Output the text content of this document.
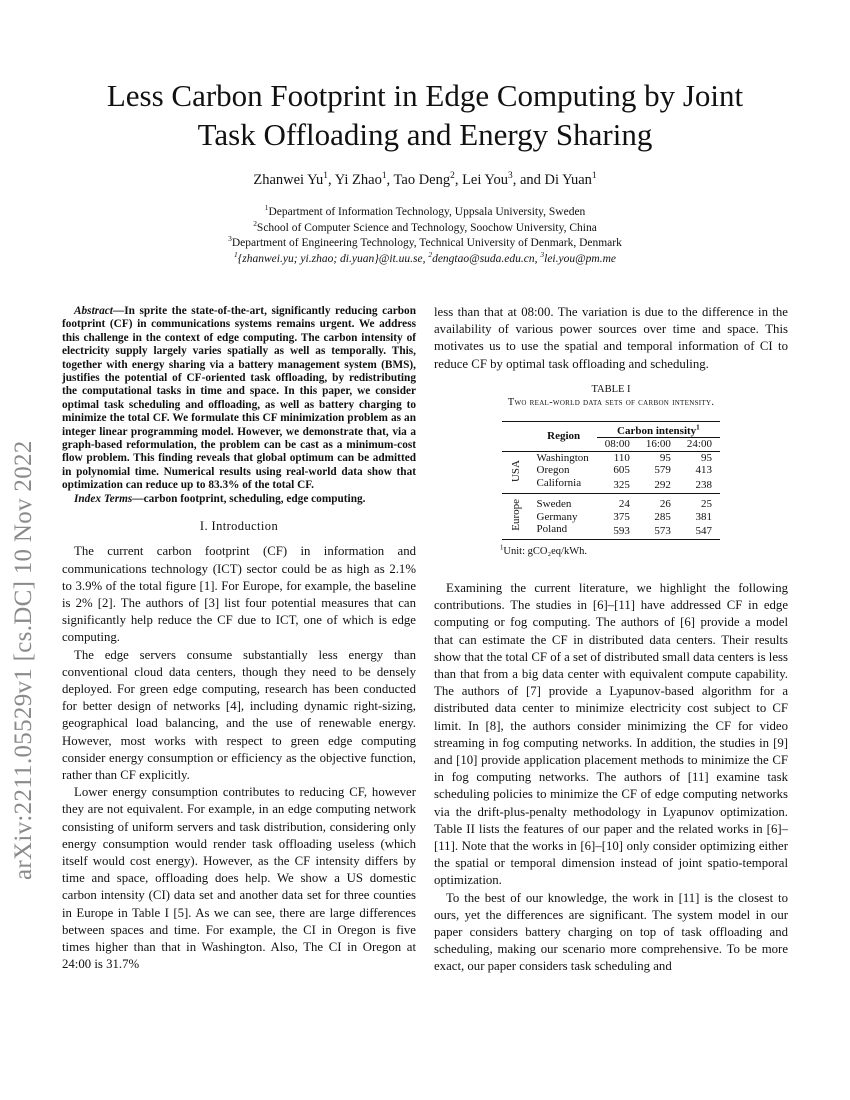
arXiv:2211.05529v1 [cs.DC] 10 Nov 2022
Less Carbon Footprint in Edge Computing by Joint
Task Offloading and Energy Sharing
Zhanwei Yu$^1$, Yi Zhao$^1$, Tao Deng$^2$, Lei You$^3$, and Di Yuan$^1$
$^1$Department of Information Technology, Uppsala University, Sweden
$^2$School of Computer Science and Technology, Soochow University, China
$^3$Department of Engineering Technology, Technical University of Denmark, Denmark
$^1${zhanwei.yu; yi.zhao; di.yuan}@it.uu.se, $^2$dengtao@suda.edu.cn, $^3$lei.you@pm.me

Abstract—In sprite the state-of-the-art, significantly reducing carbon footprint (CF) in communications systems remains urgent. We address this challenge in the context of edge computing. The carbon intensity of electricity supply largely varies spatially as well as temporally. This, together with energy sharing via a battery management system (BMS), justifies the potential of CF-oriented task offloading, by redistributing the computational tasks in time and space. In this paper, we consider optimal task scheduling and offloading, as well as battery charging to minimize the total CF. We formulate this CF minimization problem as an integer linear programming model. However, we demonstrate that, via a graph-based reformulation, the problem can be cast as a minimum-cost flow problem. This finding reveals that global optimum can be admitted in polynomial time. Numerical results using real-world data show that optimization can reduce up to 83.3% of the total CF.

Index Terms—carbon footprint, scheduling, edge computing.

I. Introduction

The current carbon footprint (CF) in information and communications technology (ICT) sector could be as high as 2.1% to 3.9% of the total figure [1]. For Europe, for example, the baseline is 2% [2]. The authors of [3] list four potential measures that can significantly help reduce the CF due to ICT, one of which is edge computing.

The edge servers consume substantially less energy than conventional cloud data centers, though they need to be densely deployed. For green edge computing, research has been conducted for better design of networks [4], including dynamic right-sizing, geographical load balancing, and the use of renewable energy. However, most works with respect to green edge computing consider energy consumption or efficiency as the objective function, rather than CF explicitly.

Lower energy consumption contributes to reducing CF, however they are not equivalent. For example, in an edge computing network consisting of uniform servers and task distribution, considering only energy consumption would render task offloading useless (which itself would cost energy). However, as the CF intensity differs by time and space, offloading does help. We show a US domestic carbon intensity (CI) data set and another data set for three counties in Europe in Table I [5]. As we can see, there are large differences between spaces and time. For example, the CI in Oregon is five times higher than that in Washington. Also, The CI in Oregon at 24:00 is 31.7%

less than that at 08:00. The variation is due to the difference in the availability of various power sources over time and space. This motivates us to use the spatial and temporal information of CI to reduce CF by optimal task offloading and scheduling.

TABLE I
Two real-world data sets of carbon intensity.
	Region	Carbon intensity$^1$
		08:00	16:00	24:00
USA	Washington	110	95	95
	Oregon	605	579	413
	California	325	292	238
Europe	Sweden	24	26	25
	Germany	375	285	381
	Poland	593	573	547
$^1$Unit: gCO₂eq/kWh.

Examining the current literature, we highlight the following contributions. The studies in [6]–[11] have addressed CF in edge computing or fog computing. The authors of [6] provide a model that can estimate the CF in distributed data centers. Their results show that the total CF of a set of distributed small data centers is less than that from a big data center with equivalent compute capability. The authors of [7] provide a Lyapunov-based algorithm for a distributed data center to minimize electricity cost subject to CF limit. In [8], the authors consider minimizing the CF for video streaming in fog computing networks. In addition, the studies in [9] and [10] provide application placement methods to minimize the CF in fog computing networks. The authors of [11] examine task scheduling policies to minimize the CF of edge computing networks via the drift-plus-penalty methodology in Lyapunov optimization. Table II lists the features of our paper and the related works in [6]–[11]. Note that the works in [6]–[10] only consider optimizing either the spatial or temporal dimension instead of joint spatio-temporal optimization.

To the best of our knowledge, the work in [11] is the closest to ours, yet the differences are significant. The system model in our paper considers battery charging on top of task offloading and scheduling, making our scenario more comprehensive. To be more exact, our paper considers task scheduling and
